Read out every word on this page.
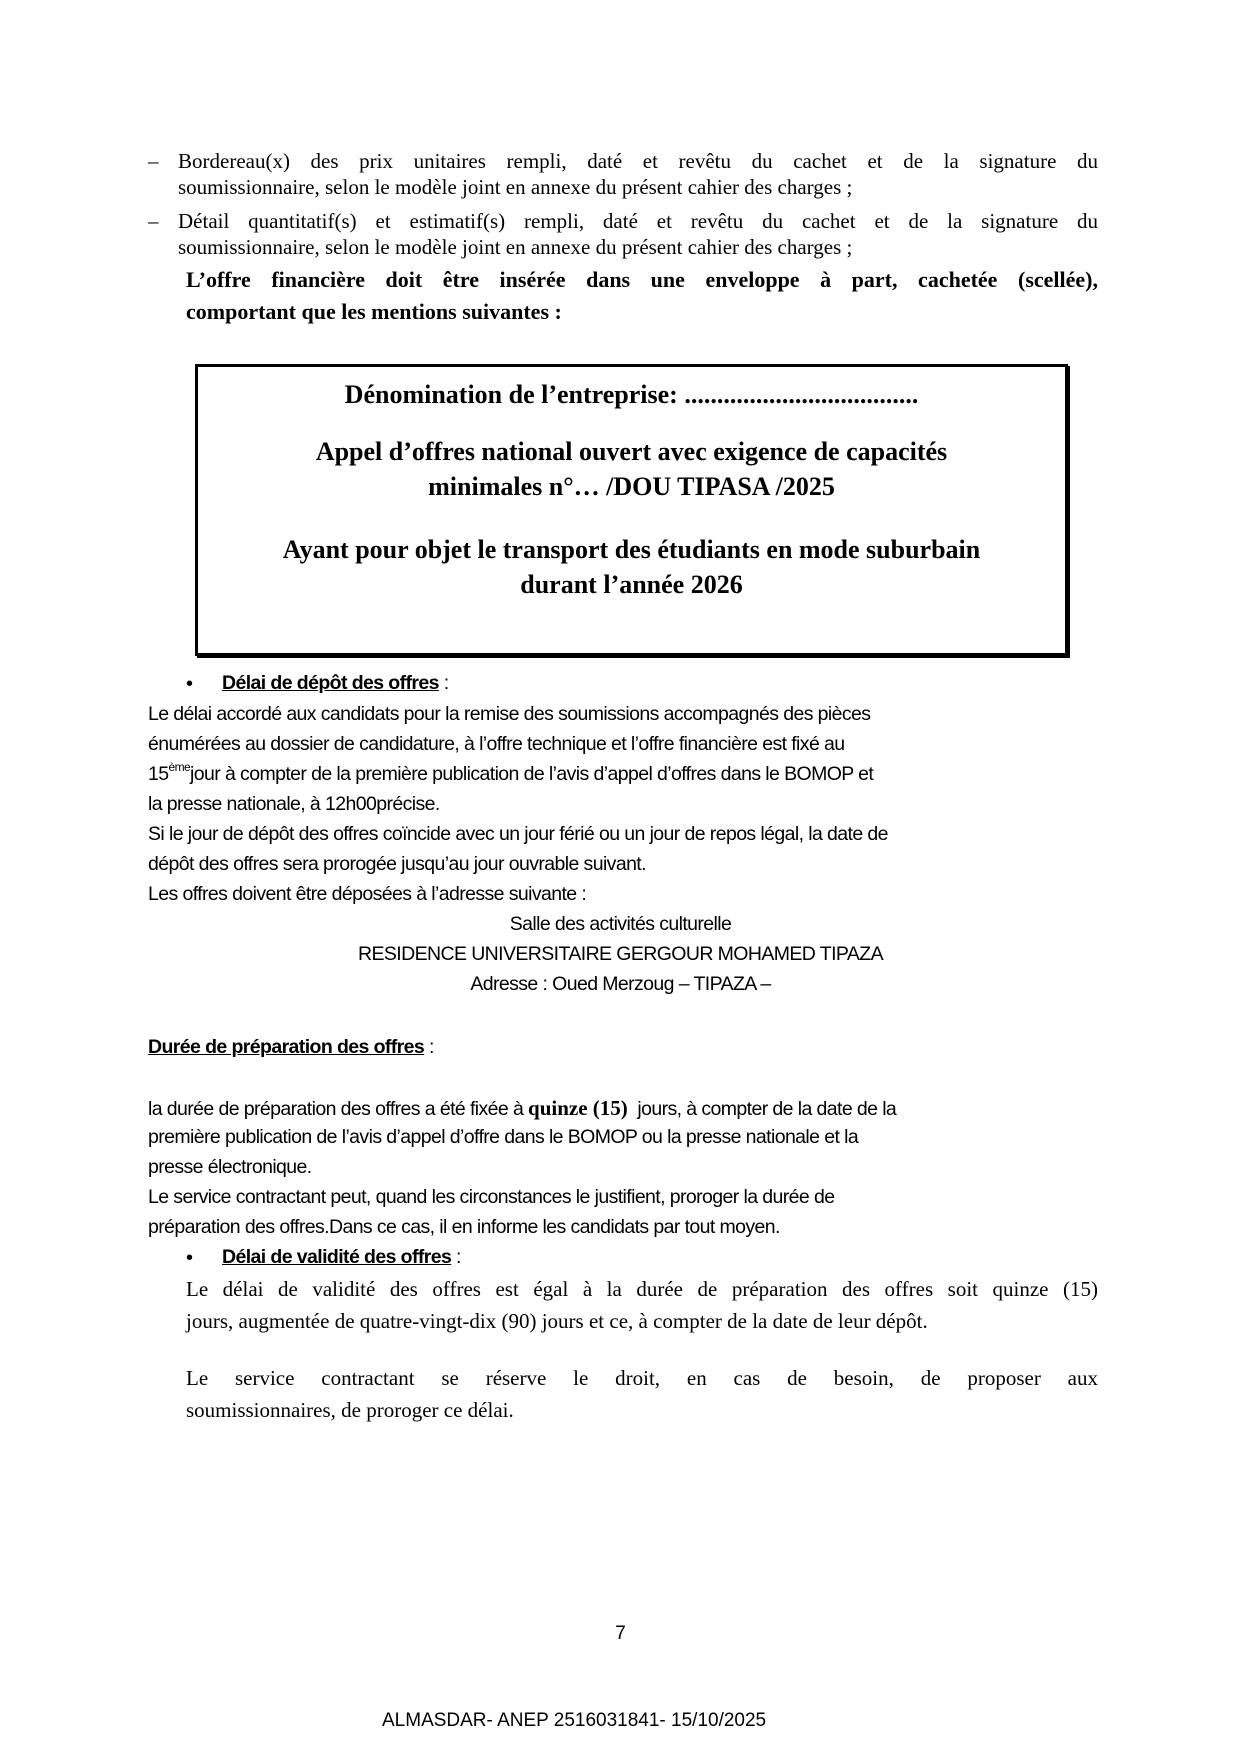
– Bordereau(x) des prix unitaires rempli, daté et revêtu du cachet et de la signature du
soumissionnaire, selon le modèle joint en annexe du présent cahier des charges ;
– Détail quantitatif(s) et estimatif(s) rempli, daté et revêtu du cachet et de la signature du
soumissionnaire, selon le modèle joint en annexe du présent cahier des charges ;
L’offre financière doit être insérée dans une enveloppe à part, cachetée (scellée),
comportant que les mentions suivantes :
Dénomination de l’entreprise: ....................................
Appel d’offres national ouvert avec exigence de capacités
minimales n°… /DOU TIPASA /2025
Ayant pour objet le transport des étudiants en mode suburbain
durant l’année 2026
• Délai de dépôt des offres :
Le délai accordé aux candidats pour la remise des soumissions accompagnés des pièces
énumérées au dossier de candidature, à l’offre technique et l’offre financière est fixé au
15èmejour à compter de la première publication de l’avis d’appel d’offres dans le BOMOP et
la presse nationale, à 12h00précise.
Si le jour de dépôt des offres coïncide avec un jour férié ou un jour de repos légal, la date de
dépôt des offres sera prorogée jusqu’au jour ouvrable suivant.
Les offres doivent être déposées à l’adresse suivante :
Salle des activités culturelle
RESIDENCE UNIVERSITAIRE GERGOUR MOHAMED TIPAZA
Adresse : Oued Merzoug – TIPAZA –
Durée de préparation des offres :
la durée de préparation des offres a été fixée à quinze (15)  jours, à compter de la date de la
première publication de l’avis d’appel d’offre dans le BOMOP ou la presse nationale et la
presse électronique.
Le service contractant peut, quand les circonstances le justifient, proroger la durée de
préparation des offres.Dans ce cas, il en informe les candidats par tout moyen.
• Délai de validité des offres :
Le délai de validité des offres est égal à la durée de préparation des offres soit quinze (15)
jours, augmentée de quatre-vingt-dix (90) jours et ce, à compter de la date de leur dépôt.
Le service contractant se réserve le droit, en cas de besoin, de proposer aux
soumissionnaires, de proroger ce délai.
7
ALMASDAR- ANEP 2516031841- 15/10/2025
